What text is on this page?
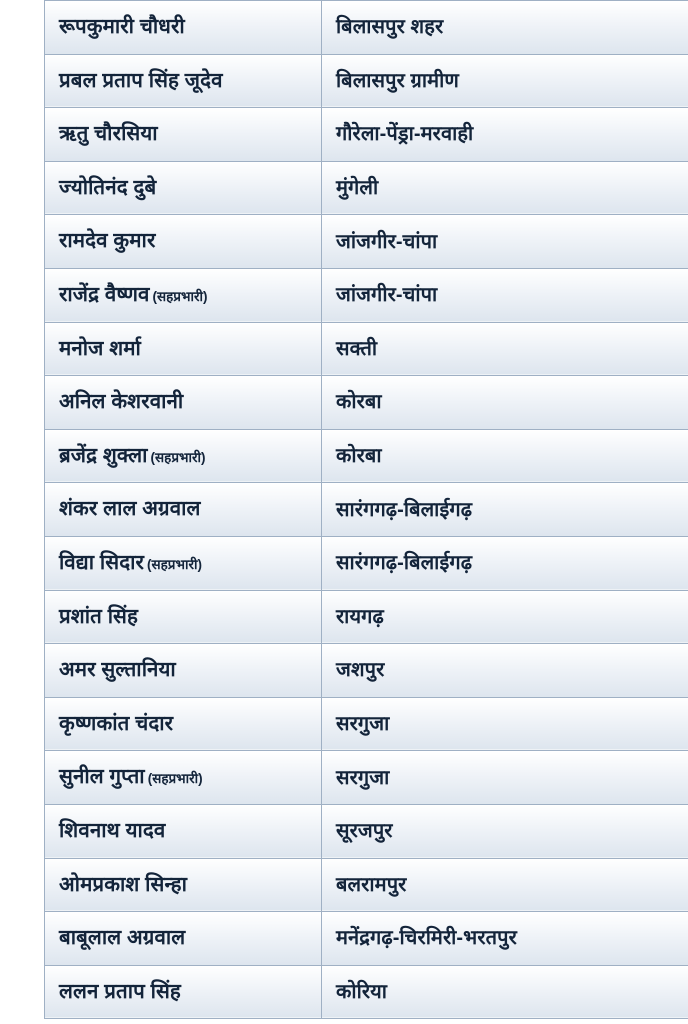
रूपकुमारी चौधरी	बिलासपुर शहर

प्रबल प्रताप सिंह जूदेव	बिलासपुर ग्रामीण

ऋतु चौरसिया	गौरेला-पेंड्रा-मरवाही

ज्योतिनंद दुबे	मुंगेली

रामदेव कुमार	जांजगीर-चांपा

राजेंद्र वैष्णव (सहप्रभारी)	जांजगीर-चांपा

मनोज शर्मा	सक्ती

अनिल केशरवानी	कोरबा

ब्रजेंद्र शुक्ला (सहप्रभारी)	कोरबा

शंकर लाल अग्रवाल	सारंगगढ़-बिलाईगढ़

विद्या सिदार (सहप्रभारी)	सारंगगढ़-बिलाईगढ़

प्रशांत सिंह	रायगढ़

अमर सुल्तानिया	जशपुर

कृष्णकांत चंदार	सरगुजा

सुनील गुप्ता (सहप्रभारी)	सरगुजा

शिवनाथ यादव	सूरजपुर

ओमप्रकाश सिन्हा	बलरामपुर

बाबूलाल अग्रवाल	मनेंद्रगढ़-चिरमिरी-भरतपुर

ललन प्रताप सिंह	कोरिया
